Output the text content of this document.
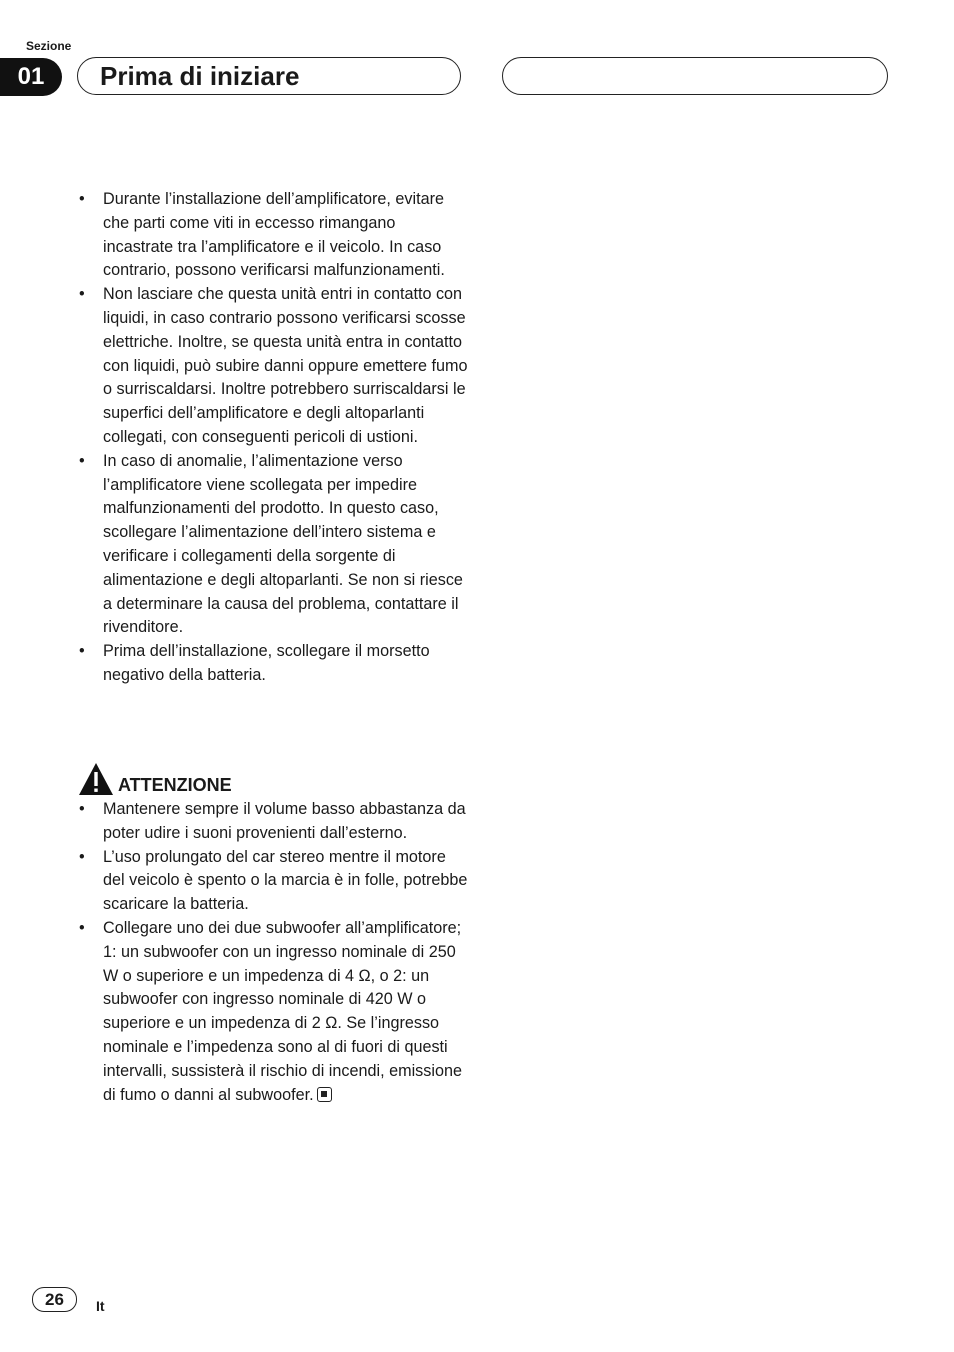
Sezione
01	Prima di iniziare
• Durante l’installazione dell’amplificatore, evitare che parti come viti in eccesso rimangano incastrate tra l’amplificatore e il veicolo. In caso contrario, possono verificarsi malfunzionamenti.
• Non lasciare che questa unità entri in contatto con liquidi, in caso contrario possono verificarsi scosse elettriche. Inoltre, se questa unità entra in contatto con liquidi, può subire danni oppure emettere fumo o surriscaldarsi. Inoltre potrebbero surriscaldarsi le superfici dell’amplificatore e degli altoparlanti collegati, con conseguenti pericoli di ustioni.
• In caso di anomalie, l’alimentazione verso l’amplificatore viene scollegata per impedire malfunzionamenti del prodotto. In questo caso, scollegare l’alimentazione dell’intero sistema e verificare i collegamenti della sorgente di alimentazione e degli altoparlanti. Se non si riesce a determinare la causa del problema, contattare il rivenditore.
• Prima dell’installazione, scollegare il morsetto negativo della batteria.
ATTENZIONE
• Mantenere sempre il volume basso abbastanza da poter udire i suoni provenienti dall’esterno.
• L’uso prolungato del car stereo mentre il motore del veicolo è spento o la marcia è in folle, potrebbe scaricare la batteria.
• Collegare uno dei due subwoofer all’amplificatore; 1: un subwoofer con un ingresso nominale di 250 W o superiore e un impedenza di 4 Ω, o 2: un subwoofer con ingresso nominale di 420 W o superiore e un impedenza di 2 Ω. Se l’ingresso nominale e l’impedenza sono al di fuori di questi intervalli, sussisterà il rischio di incendi, emissione di fumo o danni al subwoofer.
26	It
